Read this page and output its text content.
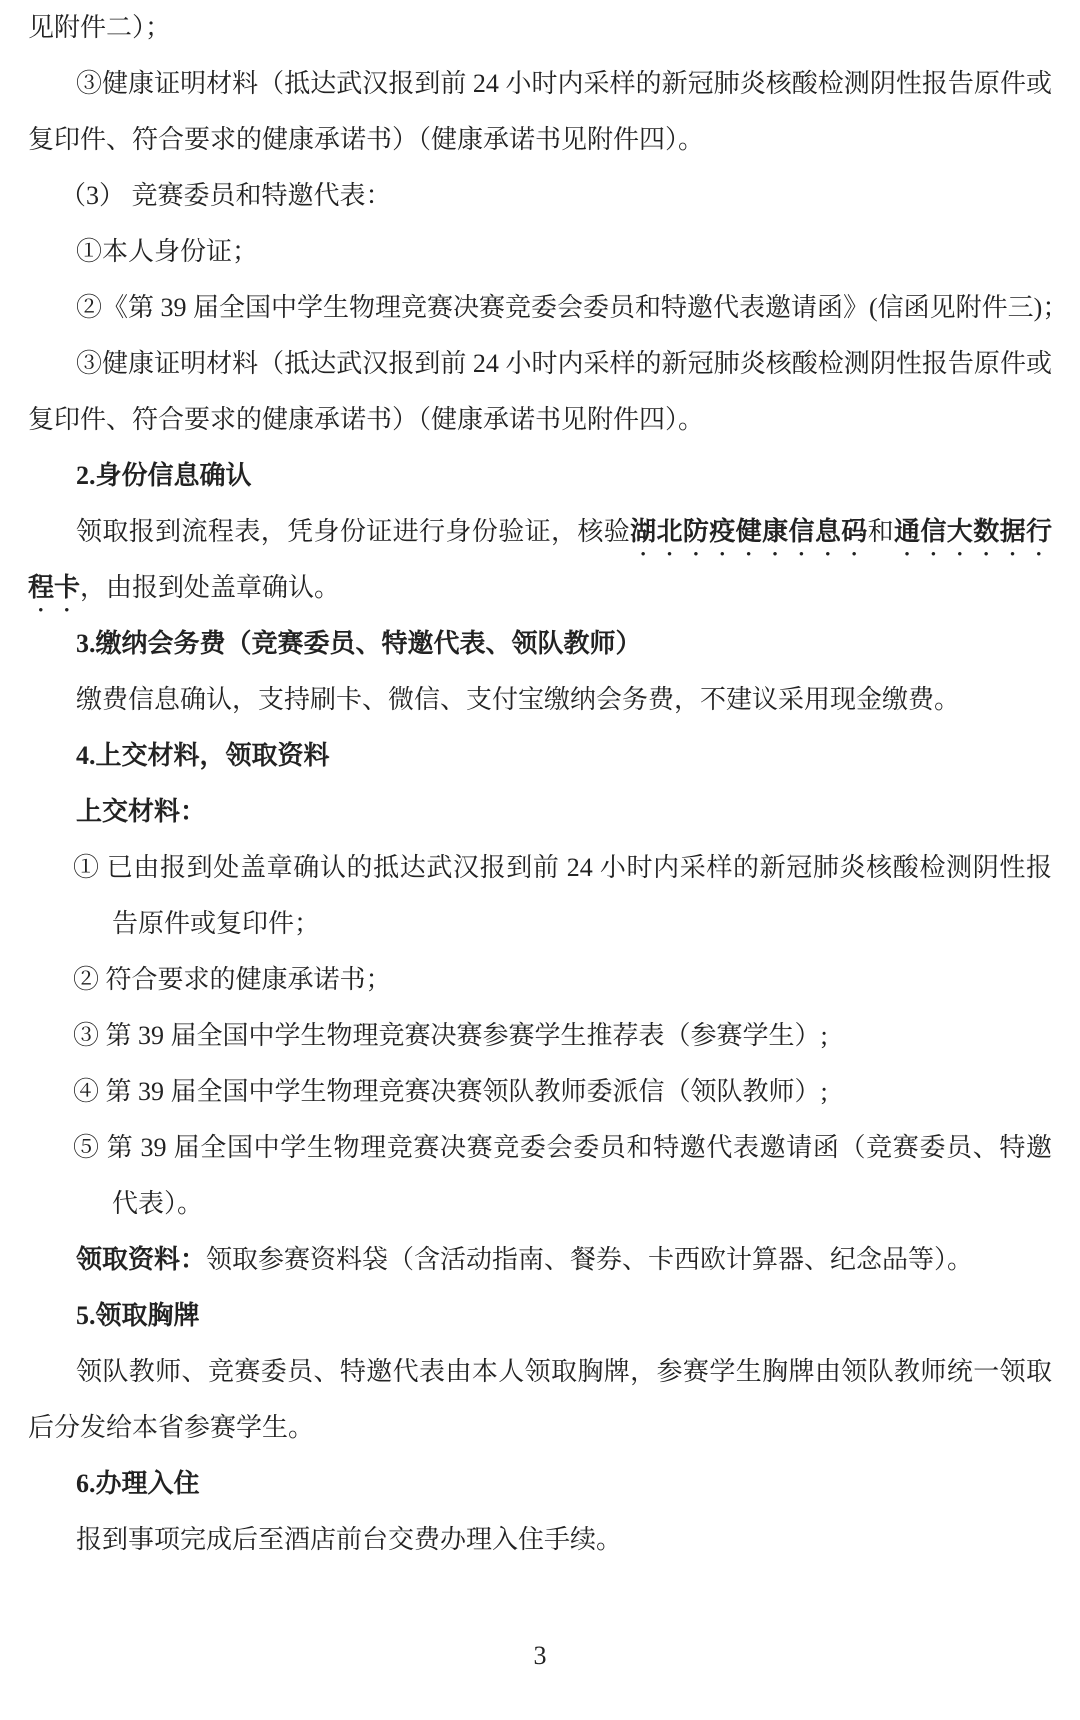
见附件二）；
③健康证明材料（抵达武汉报到前 24 小时内采样的新冠肺炎核酸检测阴性报告原件或
复印件、符合要求的健康承诺书）（健康承诺书见附件四）。
（3） 竞赛委员和特邀代表：
①本人身份证；
②《第 39 届全国中学生物理竞赛决赛竞委会委员和特邀代表邀请函》(信函见附件三)；
③健康证明材料（抵达武汉报到前 24 小时内采样的新冠肺炎核酸检测阴性报告原件或
复印件、符合要求的健康承诺书）（健康承诺书见附件四）。
2.身份信息确认
领取报到流程表，凭身份证进行身份验证，核验湖北防疫健康信息码和通信大数据行
程卡，由报到处盖章确认。
3.缴纳会务费（竞赛委员、特邀代表、领队教师）
缴费信息确认，支持刷卡、微信、支付宝缴纳会务费，不建议采用现金缴费。
4.上交材料，领取资料
上交材料：
① 已由报到处盖章确认的抵达武汉报到前 24 小时内采样的新冠肺炎核酸检测阴性报
告原件或复印件；
② 符合要求的健康承诺书；
③ 第 39 届全国中学生物理竞赛决赛参赛学生推荐表（参赛学生）;
④ 第 39 届全国中学生物理竞赛决赛领队教师委派信（领队教师）;
⑤ 第 39 届全国中学生物理竞赛决赛竞委会委员和特邀代表邀请函（竞赛委员、特邀
代表）。
领取资料：领取参赛资料袋（含活动指南、餐券、卡西欧计算器、纪念品等）。
5.领取胸牌
领队教师、竞赛委员、特邀代表由本人领取胸牌，参赛学生胸牌由领队教师统一领取
后分发给本省参赛学生。
6.办理入住
报到事项完成后至酒店前台交费办理入住手续。
3
